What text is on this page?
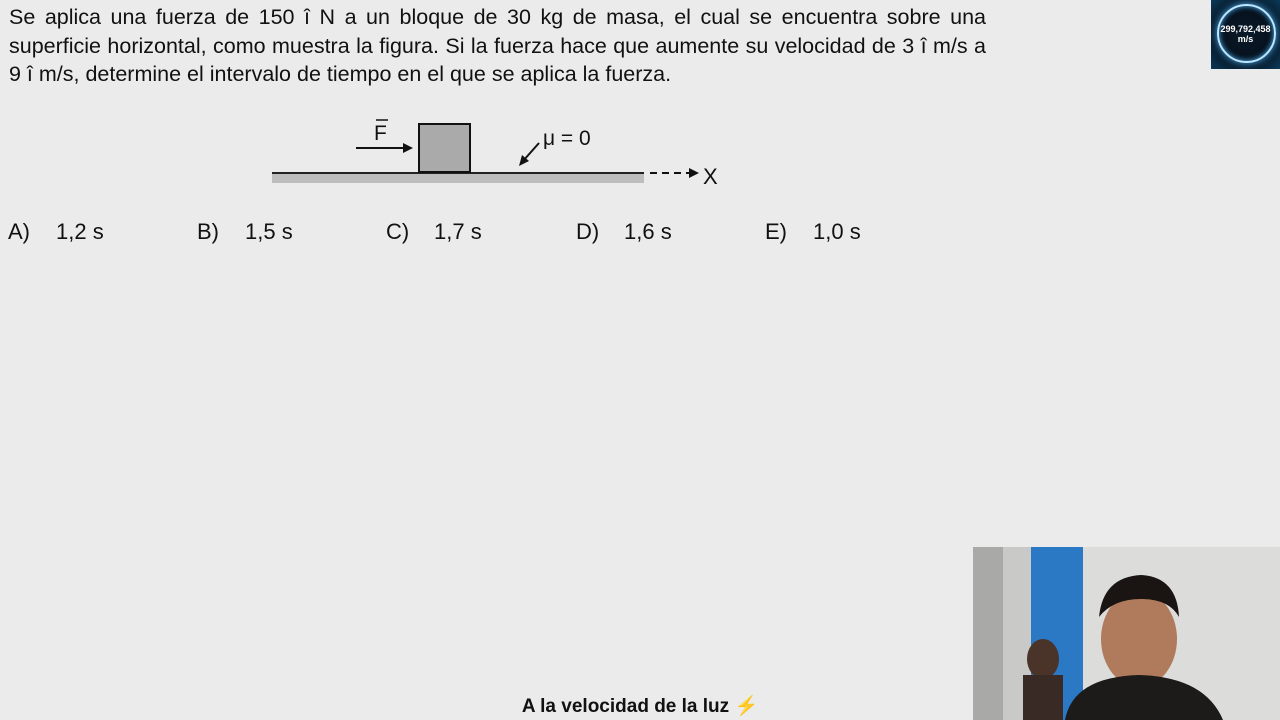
Se aplica una fuerza de 150 î N a un bloque de 30 kg de masa, el cual se encuentra sobre una superficie horizontal, como muestra la figura. Si la fuerza hace que aumente su velocidad de 3 î m/s a 9 î m/s, determine el intervalo de tiempo en el que se aplica la fuerza.

F	μ = 0
X
A) 1,2 s	B) 1,5 s	C) 1,7 s	D) 1,6 s	E) 1,0 s
299,792,458
m/s
A la velocidad de la luz ⚡
